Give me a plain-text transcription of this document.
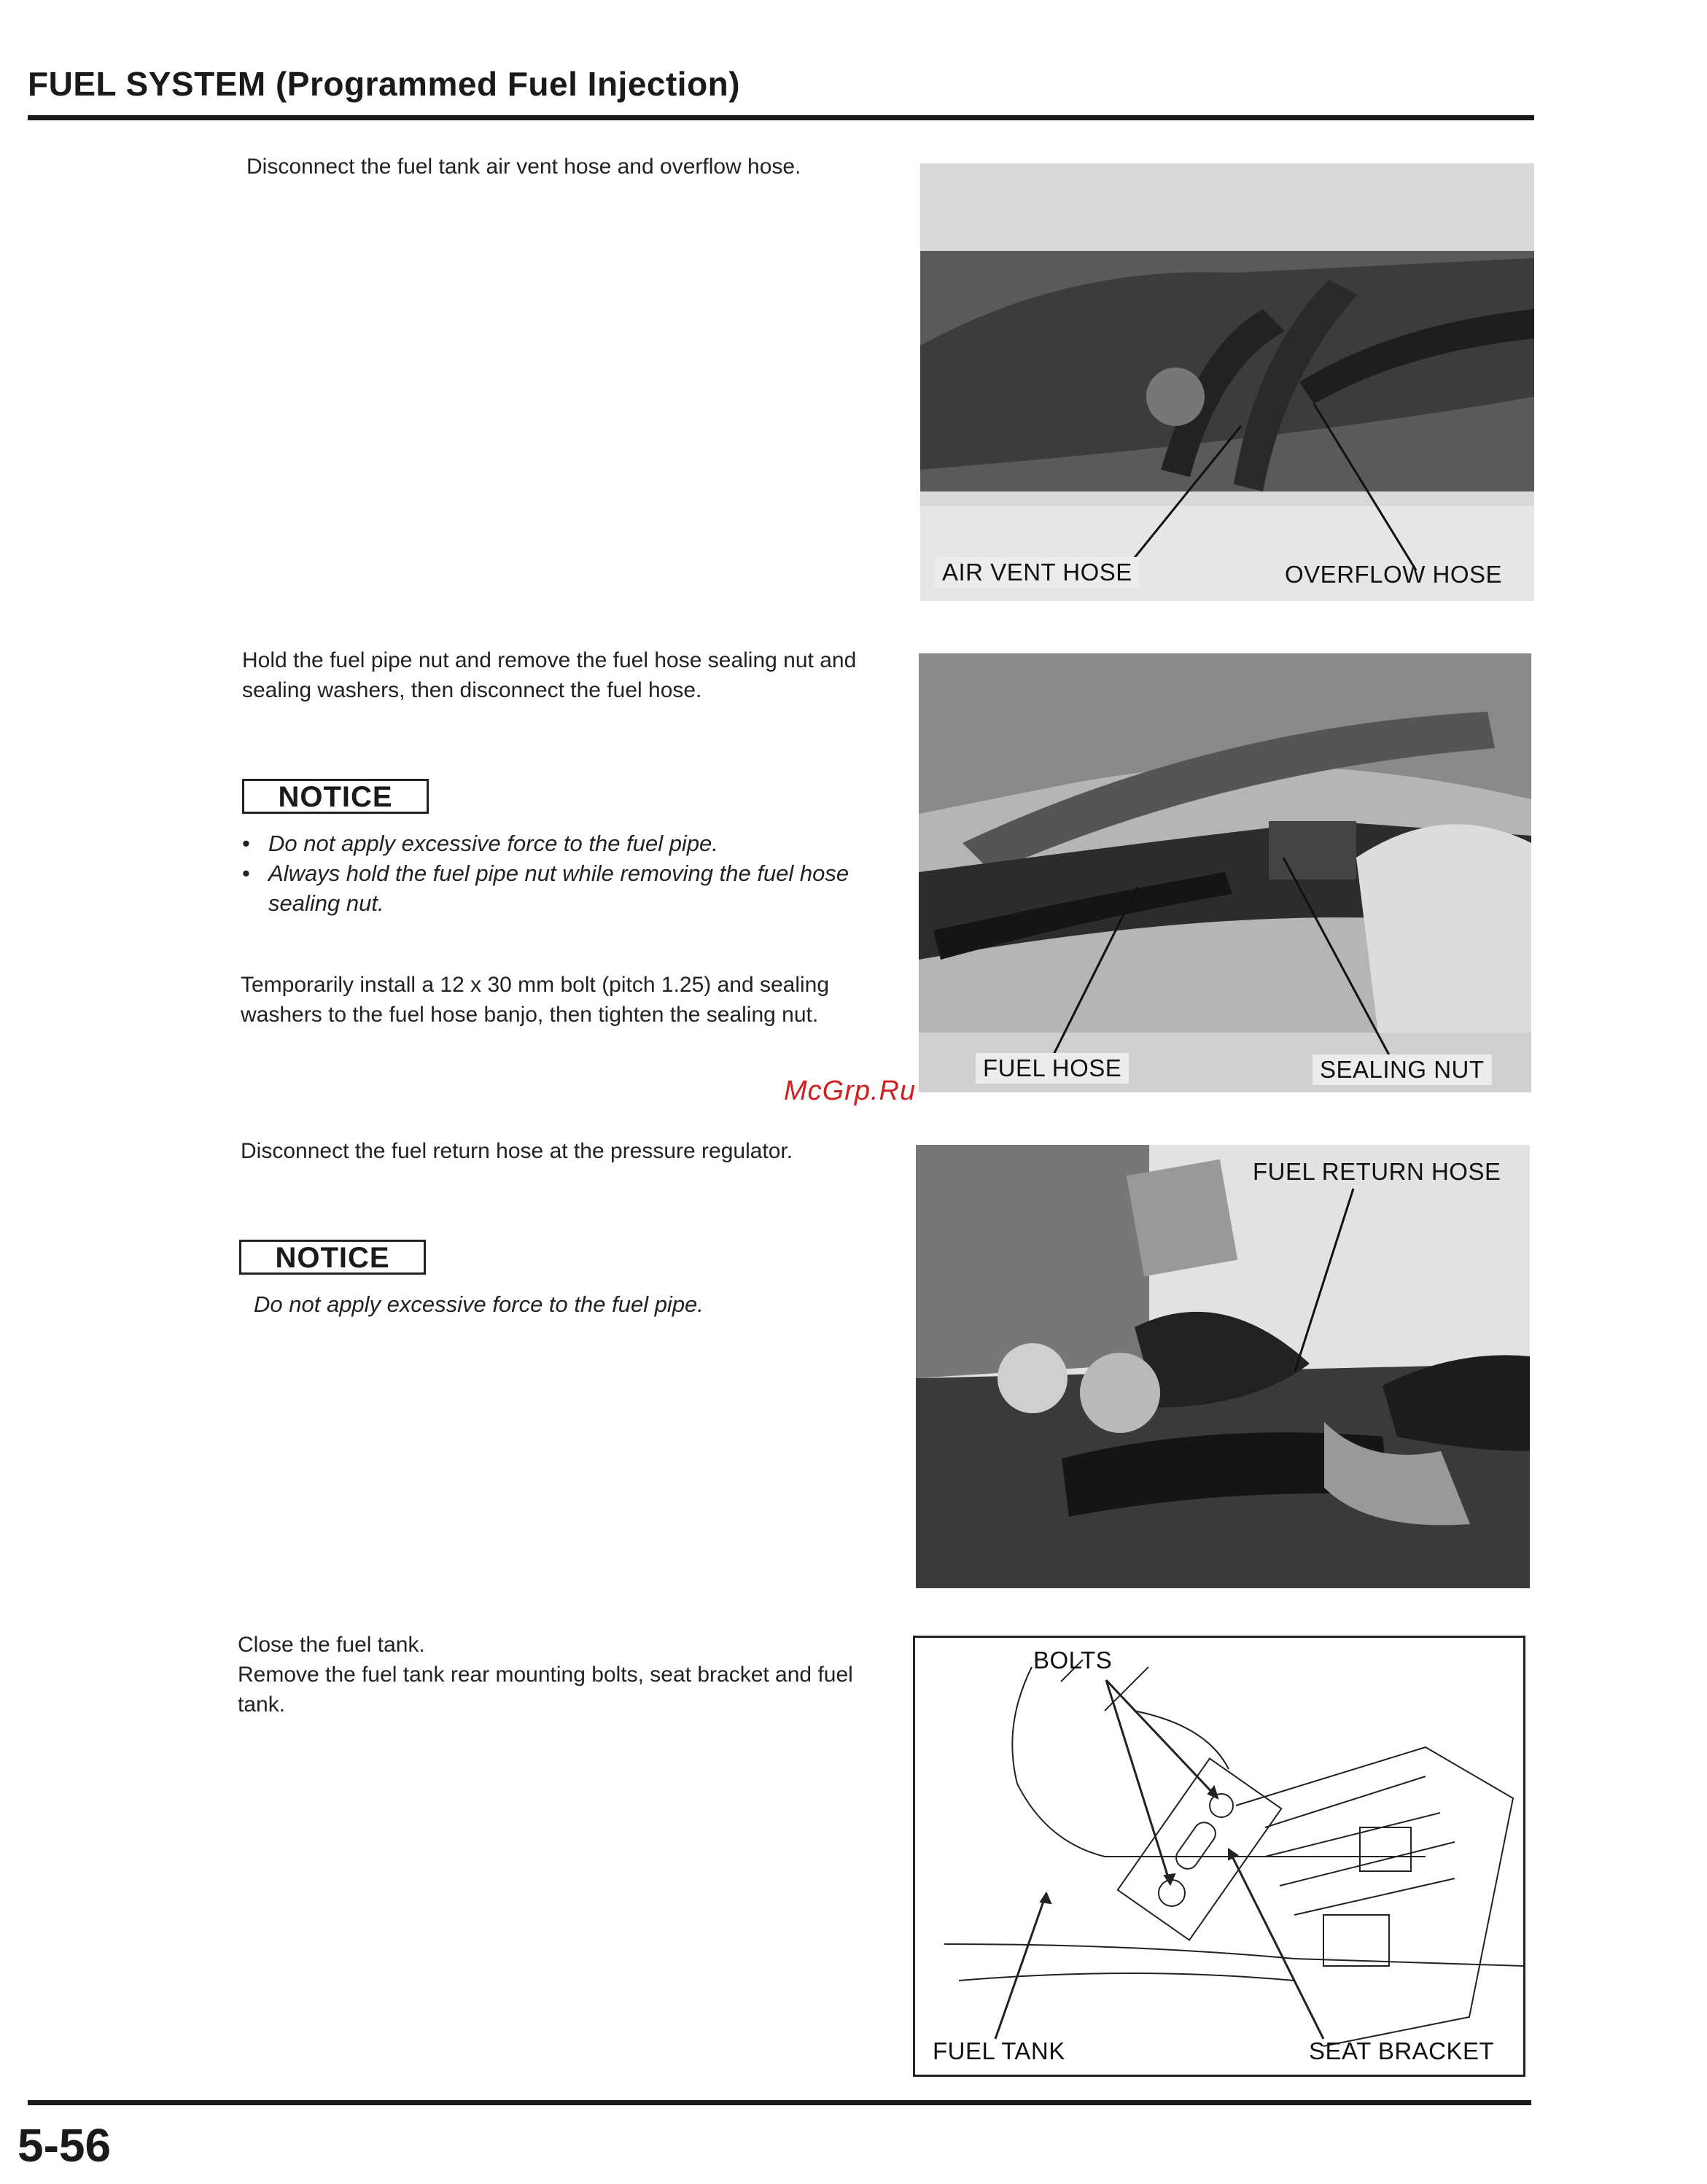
FUEL SYSTEM (Programmed Fuel Injection)
Disconnect the fuel tank air vent hose and overflow hose.
AIR VENT HOSE	OVERFLOW HOSE
Hold the fuel pipe nut and remove the fuel hose sealing nut and sealing washers, then disconnect the fuel hose.
NOTICE
• Do not apply excessive force to the fuel pipe.
• Always hold the fuel pipe nut while removing the fuel hose sealing nut.
Temporarily install a 12 x 30 mm bolt (pitch 1.25) and sealing washers to the fuel hose banjo, then tighten the sealing nut.
FUEL HOSE	SEALING NUT
McGrp.Ru
Disconnect the fuel return hose at the pressure regulator.
NOTICE
Do not apply excessive force to the fuel pipe.
FUEL RETURN HOSE
Close the fuel tank.
Remove the fuel tank rear mounting bolts, seat bracket and fuel tank.
BOLTS
FUEL TANK	SEAT BRACKET
5-56
